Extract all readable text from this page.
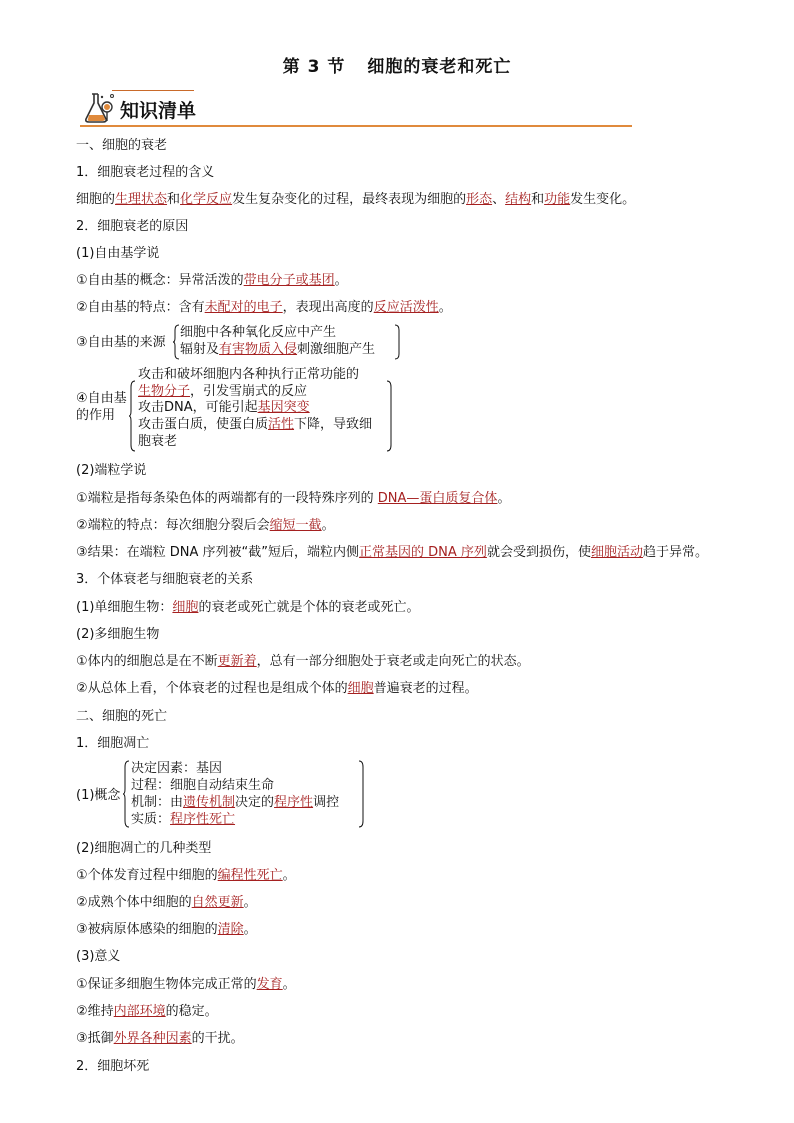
第 3 节 细胞的衰老和死亡
知识清单
一、细胞的衰老
1．细胞衰老过程的含义
细胞的生理状态和化学反应发生复杂变化的过程，最终表现为细胞的形态、结构和功能发生变化。
2．细胞衰老的原因
(1)自由基学说
①自由基的概念：异常活泼的带电分子或基团。
②自由基的特点：含有未配对的电子，表现出高度的反应活泼性。
③自由基的来源
细胞中各种氧化反应中产生
辐射及有害物质入侵刺激细胞产生
④自由基
的作用
攻击和破坏细胞内各种执行正常功能的
生物分子，引发雪崩式的反应
攻击DNA，可能引起基因突变
攻击蛋白质，使蛋白质活性下降，导致细
胞衰老
(2)端粒学说
①端粒是指每条染色体的两端都有的一段特殊序列的 DNA—蛋白质复合体。
②端粒的特点：每次细胞分裂后会缩短一截。
③结果：在端粒 DNA 序列被“截”短后，端粒内侧正常基因的 DNA 序列就会受到损伤，使细胞活动趋于异常。
3．个体衰老与细胞衰老的关系
(1)单细胞生物：细胞的衰老或死亡就是个体的衰老或死亡。
(2)多细胞生物
①体内的细胞总是在不断更新着，总有一部分细胞处于衰老或走向死亡的状态。
②从总体上看，个体衰老的过程也是组成个体的细胞普遍衰老的过程。
二、细胞的死亡
1．细胞凋亡
(1)概念
决定因素：基因
过程：细胞自动结束生命
机制：由遗传机制决定的程序性调控
实质：程序性死亡
(2)细胞凋亡的几种类型
①个体发育过程中细胞的编程性死亡。
②成熟个体中细胞的自然更新。
③被病原体感染的细胞的清除。
(3)意义
①保证多细胞生物体完成正常的发育。
②维持内部环境的稳定。
③抵御外界各种因素的干扰。
2．细胞坏死
